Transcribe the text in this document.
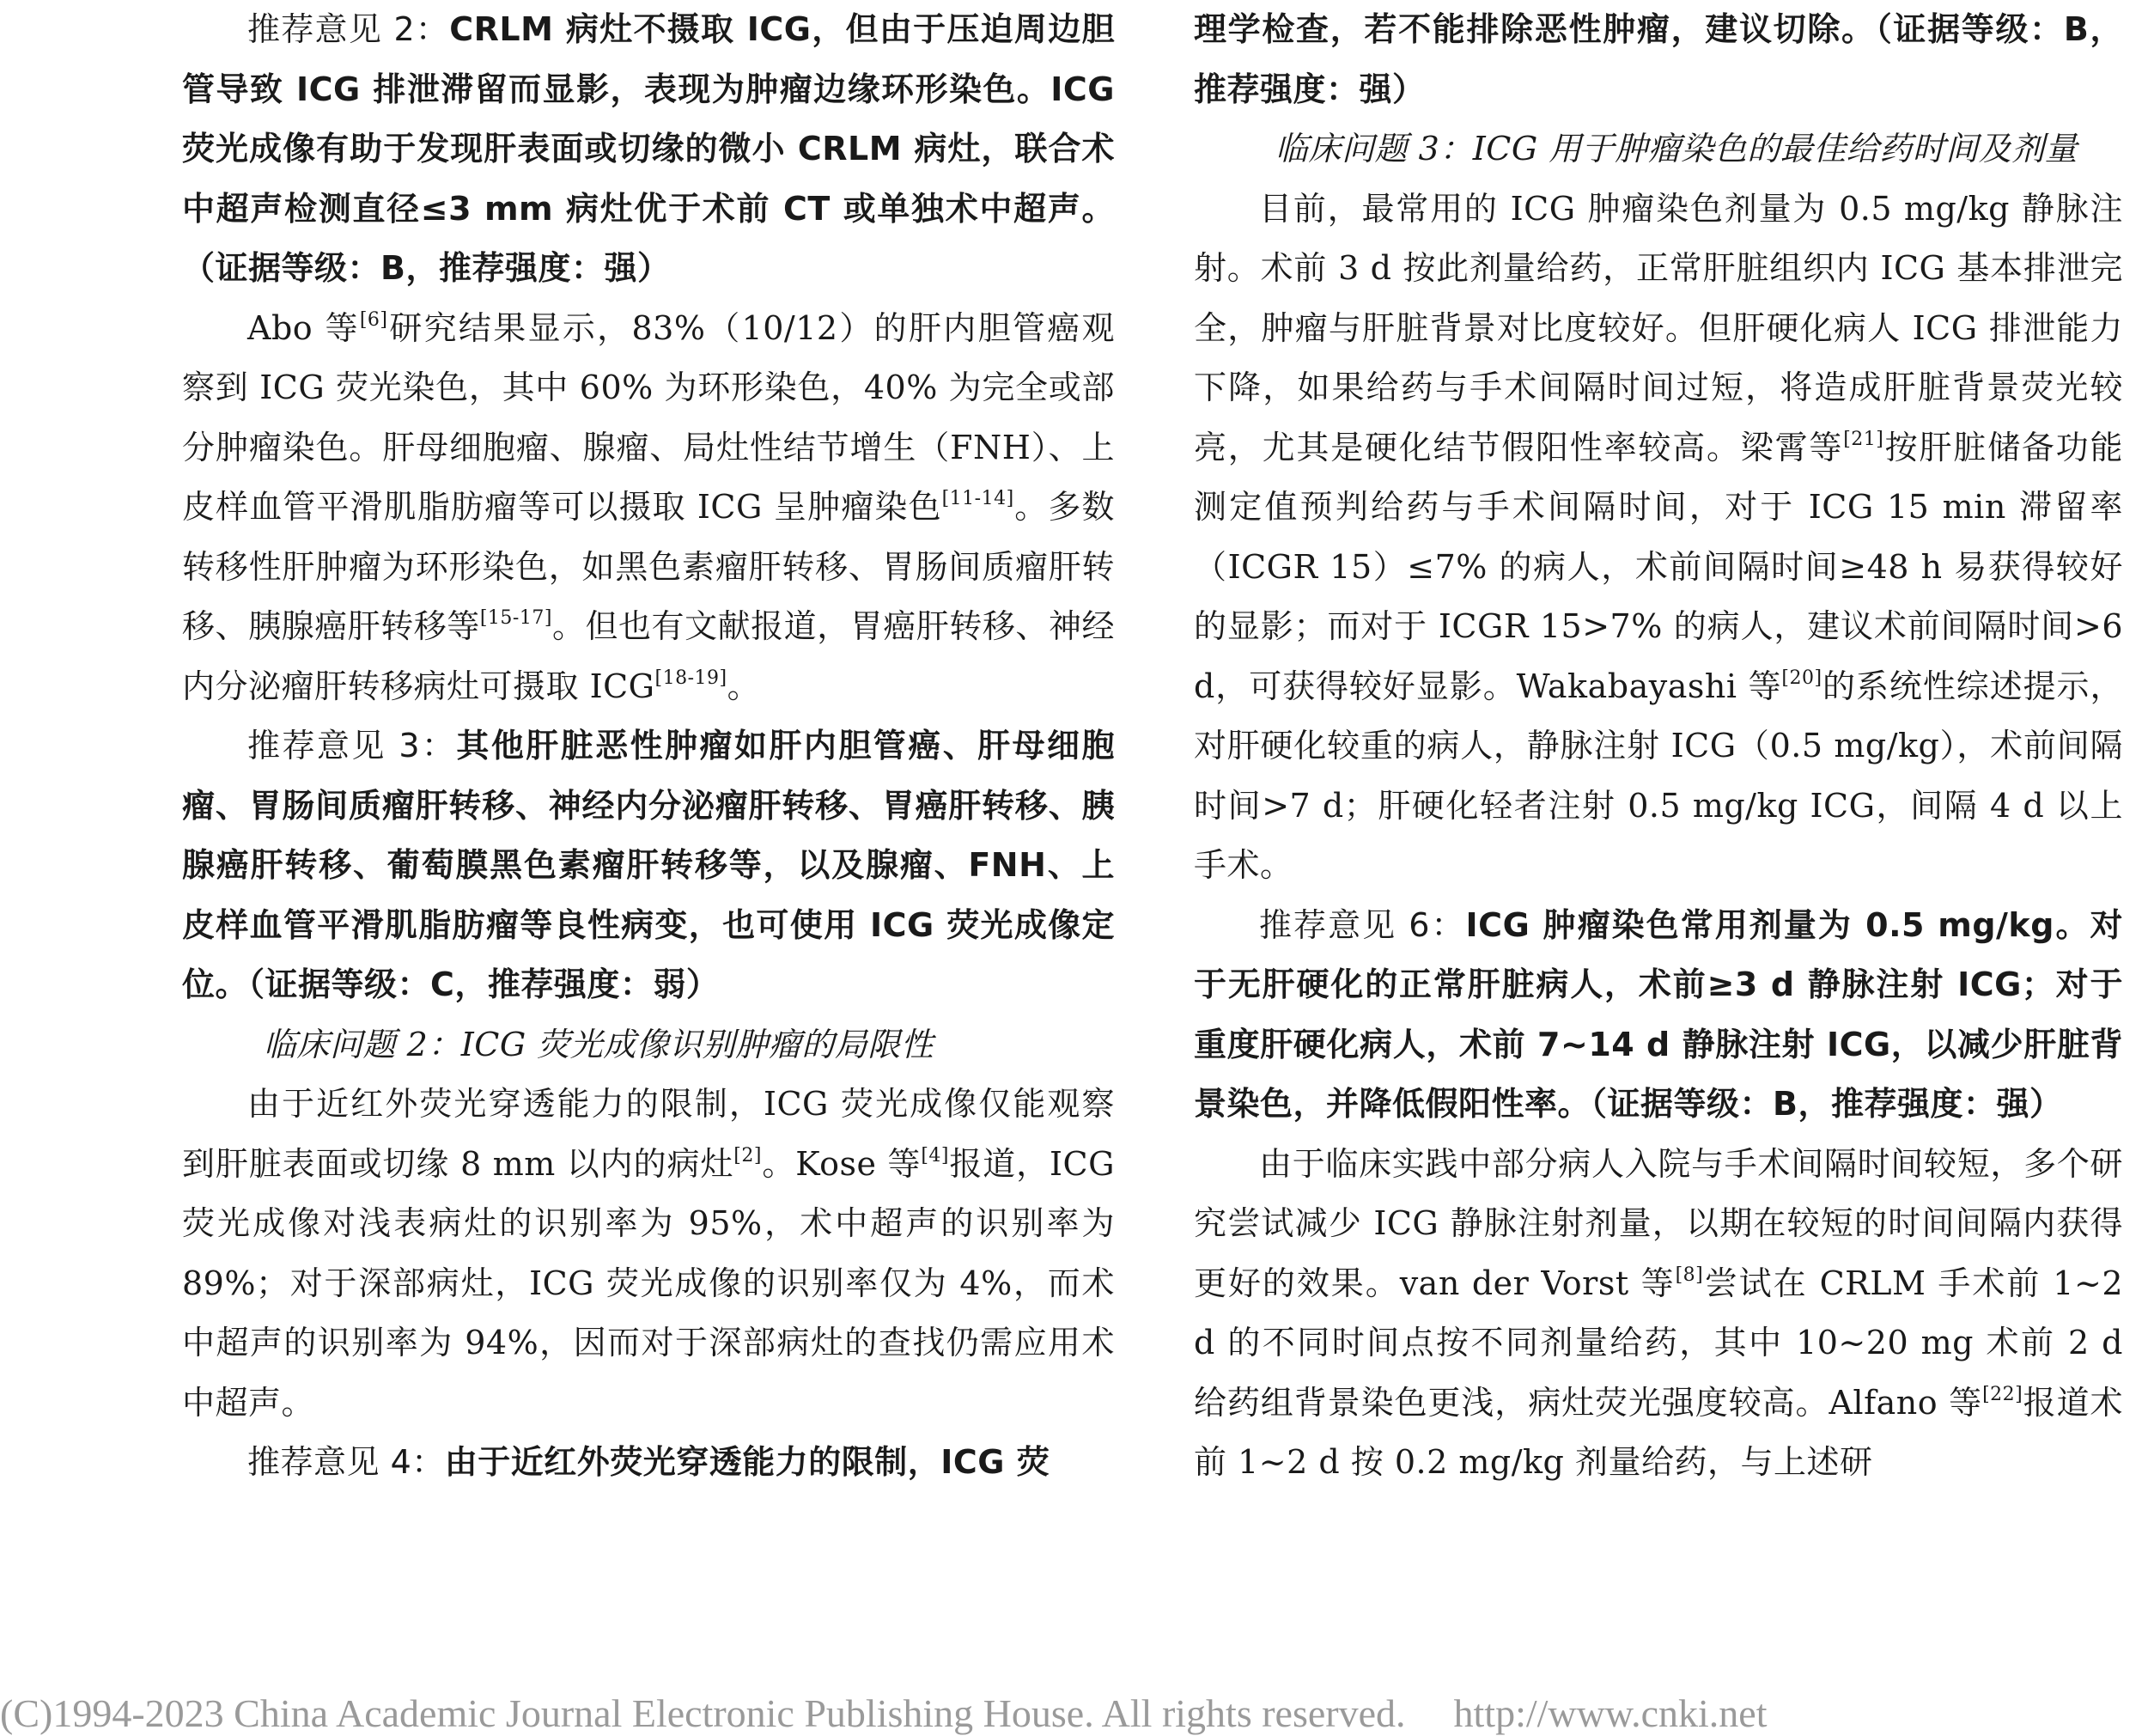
推荐意见 2：CRLM 病灶不摄取 ICG，但由于压迫周边胆管导致 ICG 排泄滞留而显影，表现为肿瘤边缘环形染色。ICG 荧光成像有助于发现肝表面或切缘的微小 CRLM 病灶，联合术中超声检测直径≤3 mm 病灶优于术前 CT 或单独术中超声。（证据等级：B，推荐强度：强）

Abo 等[6]研究结果显示，83%（10/12）的肝内胆管癌观察到 ICG 荧光染色，其中 60% 为环形染色，40% 为完全或部分肿瘤染色。肝母细胞瘤、腺瘤、局灶性结节增生（FNH）、上皮样血管平滑肌脂肪瘤等可以摄取 ICG 呈肿瘤染色[11-14]。多数转移性肝肿瘤为环形染色，如黑色素瘤肝转移、胃肠间质瘤肝转移、胰腺癌肝转移等[15-17]。但也有文献报道，胃癌肝转移、神经内分泌瘤肝转移病灶可摄取 ICG[18-19]。

推荐意见 3：其他肝脏恶性肿瘤如肝内胆管癌、肝母细胞瘤、胃肠间质瘤肝转移、神经内分泌瘤肝转移、胃癌肝转移、胰腺癌肝转移、葡萄膜黑色素瘤肝转移等，以及腺瘤、FNH、上皮样血管平滑肌脂肪瘤等良性病变，也可使用 ICG 荧光成像定位。（证据等级：C，推荐强度：弱）

临床问题 2：ICG 荧光成像识别肿瘤的局限性

由于近红外荧光穿透能力的限制，ICG 荧光成像仅能观察到肝脏表面或切缘 8 mm 以内的病灶[2]。Kose 等[4]报道，ICG 荧光成像对浅表病灶的识别率为 95%，术中超声的识别率为 89%；对于深部病灶，ICG 荧光成像的识别率仅为 4%，而术中超声的识别率为 94%，因而对于深部病灶的查找仍需应用术中超声。

推荐意见 4：由于近红外荧光穿透能力的限制，ICG 荧

理学检查，若不能排除恶性肿瘤，建议切除。（证据等级：B，推荐强度：强）

临床问题 3：ICG 用于肿瘤染色的最佳给药时间及剂量

目前，最常用的 ICG 肿瘤染色剂量为 0.5 mg/kg 静脉注射。术前 3 d 按此剂量给药，正常肝脏组织内 ICG 基本排泄完全，肿瘤与肝脏背景对比度较好。但肝硬化病人 ICG 排泄能力下降，如果给药与手术间隔时间过短，将造成肝脏背景荧光较亮，尤其是硬化结节假阳性率较高。梁霄等[21]按肝脏储备功能测定值预判给药与手术间隔时间，对于 ICG 15 min 滞留率（ICGR 15）≤7% 的病人，术前间隔时间≥48 h 易获得较好的显影；而对于 ICGR 15>7% 的病人，建议术前间隔时间>6 d，可获得较好显影。Wakabayashi 等[20]的系统性综述提示，对肝硬化较重的病人，静脉注射 ICG（0.5 mg/kg），术前间隔时间>7 d；肝硬化轻者注射 0.5 mg/kg ICG，间隔 4 d 以上手术。

推荐意见 6：ICG 肿瘤染色常用剂量为 0.5 mg/kg。对于无肝硬化的正常肝脏病人，术前≥3 d 静脉注射 ICG；对于重度肝硬化病人，术前 7~14 d 静脉注射 ICG，以减少肝脏背景染色，并降低假阳性率。（证据等级：B，推荐强度：强）

由于临床实践中部分病人入院与手术间隔时间较短，多个研究尝试减少 ICG 静脉注射剂量，以期在较短的时间间隔内获得更好的效果。van der Vorst 等[8]尝试在 CRLM 手术前 1~2 d 的不同时间点按不同剂量给药，其中 10~20 mg 术前 2 d 给药组背景染色更浅，病灶荧光强度较高。Alfano 等[22]报道术前 1~2 d 按 0.2 mg/kg 剂量给药，与上述研

(C)1994-2023 China Academic Journal Electronic Publishing House. All rights reserved. http://www.cnki.net
